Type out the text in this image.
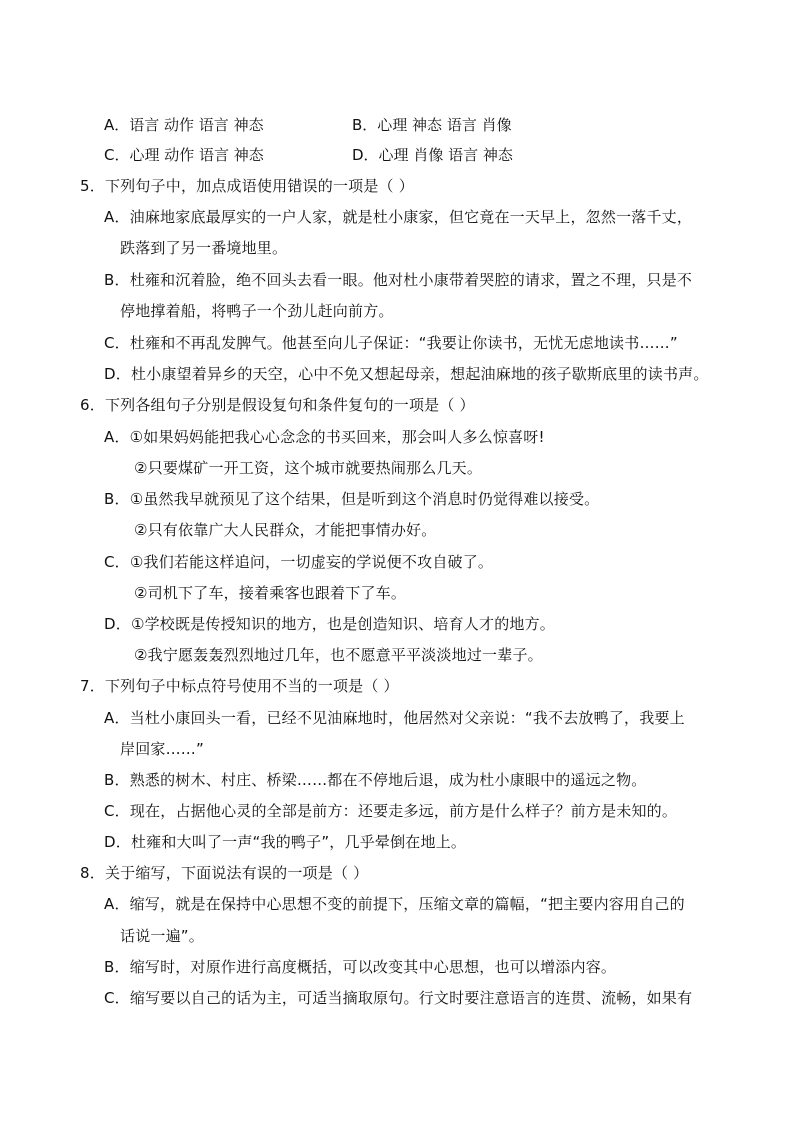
A．语言 动作 语言 神态	B．心理 神态 语言 肖像
C．心理 动作 语言 神态	D．心理 肖像 语言 神态
5．下列句子中，加点成语使用错误的一项是（ ）
A．油麻地家底最厚实的一户人家，就是杜小康家，但它竟在一天早上，忽然一落千丈，
跌落到了另一番境地里。
B．杜雍和沉着脸，绝不回头去看一眼。他对杜小康带着哭腔的请求，置之不理，只是不
停地撑着船，将鸭子一个劲儿赶向前方。
C．杜雍和不再乱发脾气。他甚至向儿子保证：“我要让你读书，无忧无虑地读书……”
D．杜小康望着异乡的天空，心中不免又想起母亲，想起油麻地的孩子歇斯底里的读书声。
6．下列各组句子分别是假设复句和条件复句的一项是（ ）
A．①如果妈妈能把我心心念念的书买回来，那会叫人多么惊喜呀!
②只要煤矿一开工资，这个城市就要热闹那么几天。
B．①虽然我早就预见了这个结果，但是听到这个消息时仍觉得难以接受。
②只有依靠广大人民群众，才能把事情办好。
C．①我们若能这样追问，一切虚妄的学说便不攻自破了。
②司机下了车，接着乘客也跟着下了车。
D．①学校既是传授知识的地方，也是创造知识、培育人才的地方。
②我宁愿轰轰烈烈地过几年，也不愿意平平淡淡地过一辈子。
7．下列句子中标点符号使用不当的一项是（ ）
A．当杜小康回头一看，已经不见油麻地时，他居然对父亲说：“我不去放鸭了，我要上
岸回家……”
B．熟悉的树木、村庄、桥梁……都在不停地后退，成为杜小康眼中的遥远之物。
C．现在，占据他心灵的全部是前方：还要走多远，前方是什么样子？前方是未知的。
D．杜雍和大叫了一声“我的鸭子”，几乎晕倒在地上。
8．关于缩写，下面说法有误的一项是（ ）
A．缩写，就是在保持中心思想不变的前提下，压缩文章的篇幅，“把主要内容用自己的
话说一遍”。
B．缩写时，对原作进行高度概括，可以改变其中心思想，也可以增添内容。
C．缩写要以自己的话为主，可适当摘取原句。行文时要注意语言的连贯、流畅，如果有
